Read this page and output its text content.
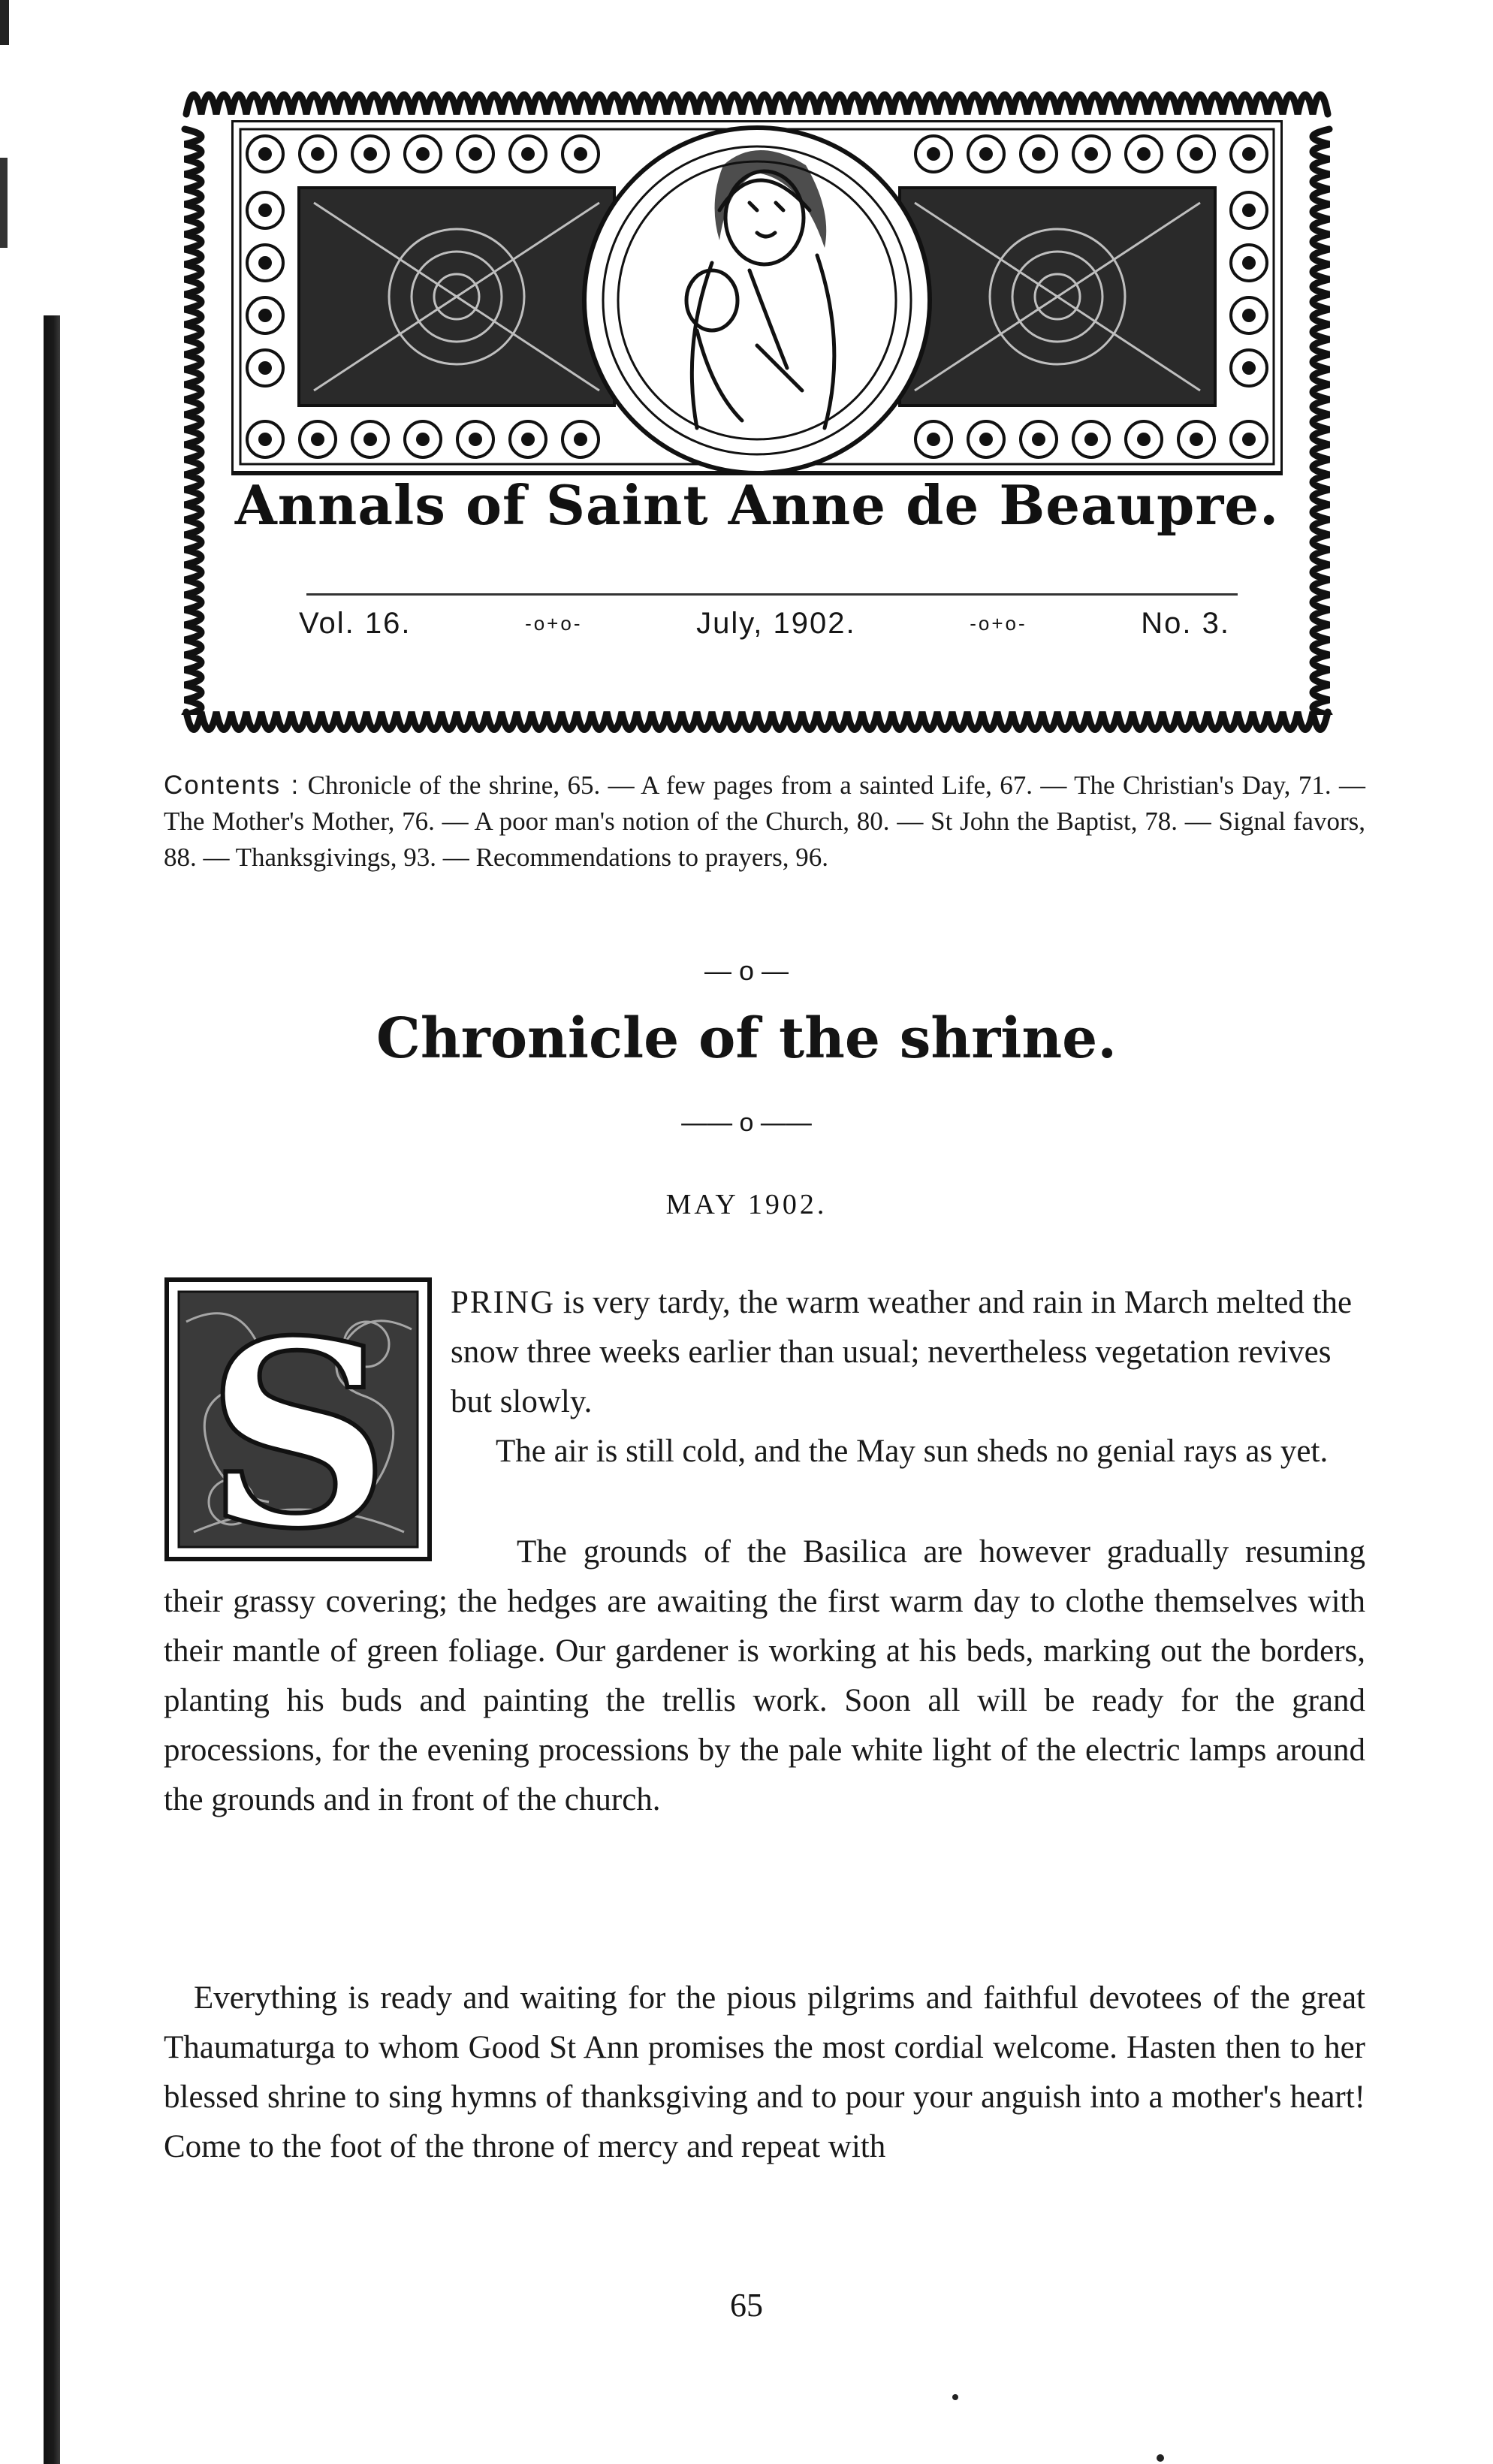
Annals of Saint Anne de Beaupre.
Vol. 16.	-o+o-	July, 1902.	-o+o-	No. 3.
Contents : Chronicle of the shrine, 65. — A few pages from a sainted Life, 67. — The Christian's Day, 71. — The Mother's Mother, 76. — A poor man's notion of the Church, 80. — St John the Baptist, 78. — Signal favors, 88. — Thanksgivings, 93. — Recommendations to prayers, 96.
— o —
Chronicle of the shrine.
—— o ——
MAY 1902.
S PRING is very tardy, the warm weather and rain in March melted the snow three weeks earlier than usual; nevertheless vegetation revives but slowly.
The air is still cold, and the May sun sheds no genial rays as yet.
The grounds of the Basilica are however gradually resuming their grassy covering; the hedges are awaiting the first warm day to clothe themselves with their mantle of green foliage. Our gardener is working at his beds, marking out the borders, planting his buds and painting the trellis work. Soon all will be ready for the grand processions, for the evening processions by the pale white light of the electric lamps around the grounds and in front of the church.
Everything is ready and waiting for the pious pilgrims and faithful devotees of the great Thaumaturga to whom Good St Ann promises the most cordial welcome. Hasten then to her blessed shrine to sing hymns of thanksgiving and to pour your anguish into a mother's heart! Come to the foot of the throne of mercy and repeat with
65
